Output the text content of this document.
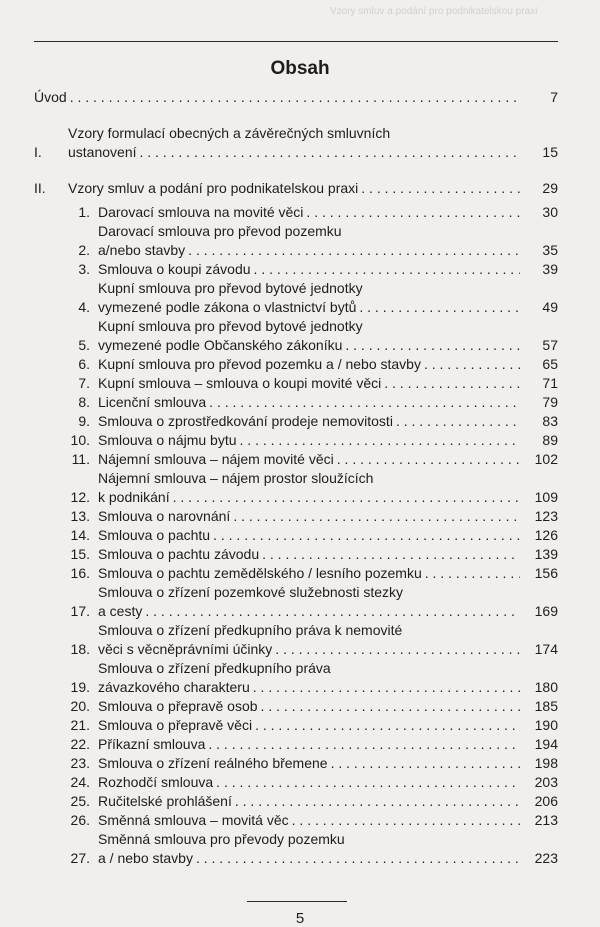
Vzory smluv a podání pro podnikatelskou praxi
Obsah
Úvod . . .	7
I.
Vzory formulací obecných a závěrečných smluvních
ustanovení . . .	15
II.	Vzory smluv a podání pro podnikatelskou praxi . . .	29
1. Darovací smlouva na movité věci . . .	30
2.
Darovací smlouva pro převod pozemku
a/nebo stavby . . .	35
3. Smlouva o koupi závodu . . .	39
4.
Kupní smlouva pro převod bytové jednotky
vymezené podle zákona o vlastnictví bytů . . .	49
5.
Kupní smlouva pro převod bytové jednotky
vymezené podle Občanského zákoníku . . .	57
6. Kupní smlouva pro převod pozemku a / nebo stavby . . .	65
7. Kupní smlouva – smlouva o koupi movité věci . . .	71
8. Licenční smlouva . . .	79
9. Smlouva o zprostředkování prodeje nemovitosti . . .	83
10. Smlouva o nájmu bytu . . .	89
11. Nájemní smlouva – nájem movité věci . . .	102
12.
Nájemní smlouva – nájem prostor sloužících
k podnikání . . .	109
13. Smlouva o narovnání . . .	123
14. Smlouva o pachtu . . .	126
15. Smlouva o pachtu závodu . . .	139
16. Smlouva o pachtu zemědělského / lesního pozemku . . .	156
17.
Smlouva o zřízení pozemkové služebnosti stezky
a cesty . . .	169
18.
Smlouva o zřízení předkupního práva k nemovité
věci s věcněprávními účinky . . .	174
19.
Smlouva o zřízení předkupního práva
závazkového charakteru . . .	180
20. Smlouva o přepravě osob . . .	185
21. Smlouva o přepravě věci . . .	190
22. Příkazní smlouva . . .	194
23. Smlouva o zřízení reálného břemene . . .	198
24. Rozhodčí smlouva . . .	203
25. Ručitelské prohlášení . . .	206
26. Směnná smlouva – movitá věc . . .	213
27.
Směnná smlouva pro převody pozemku
a / nebo stavby . . .	223
5
